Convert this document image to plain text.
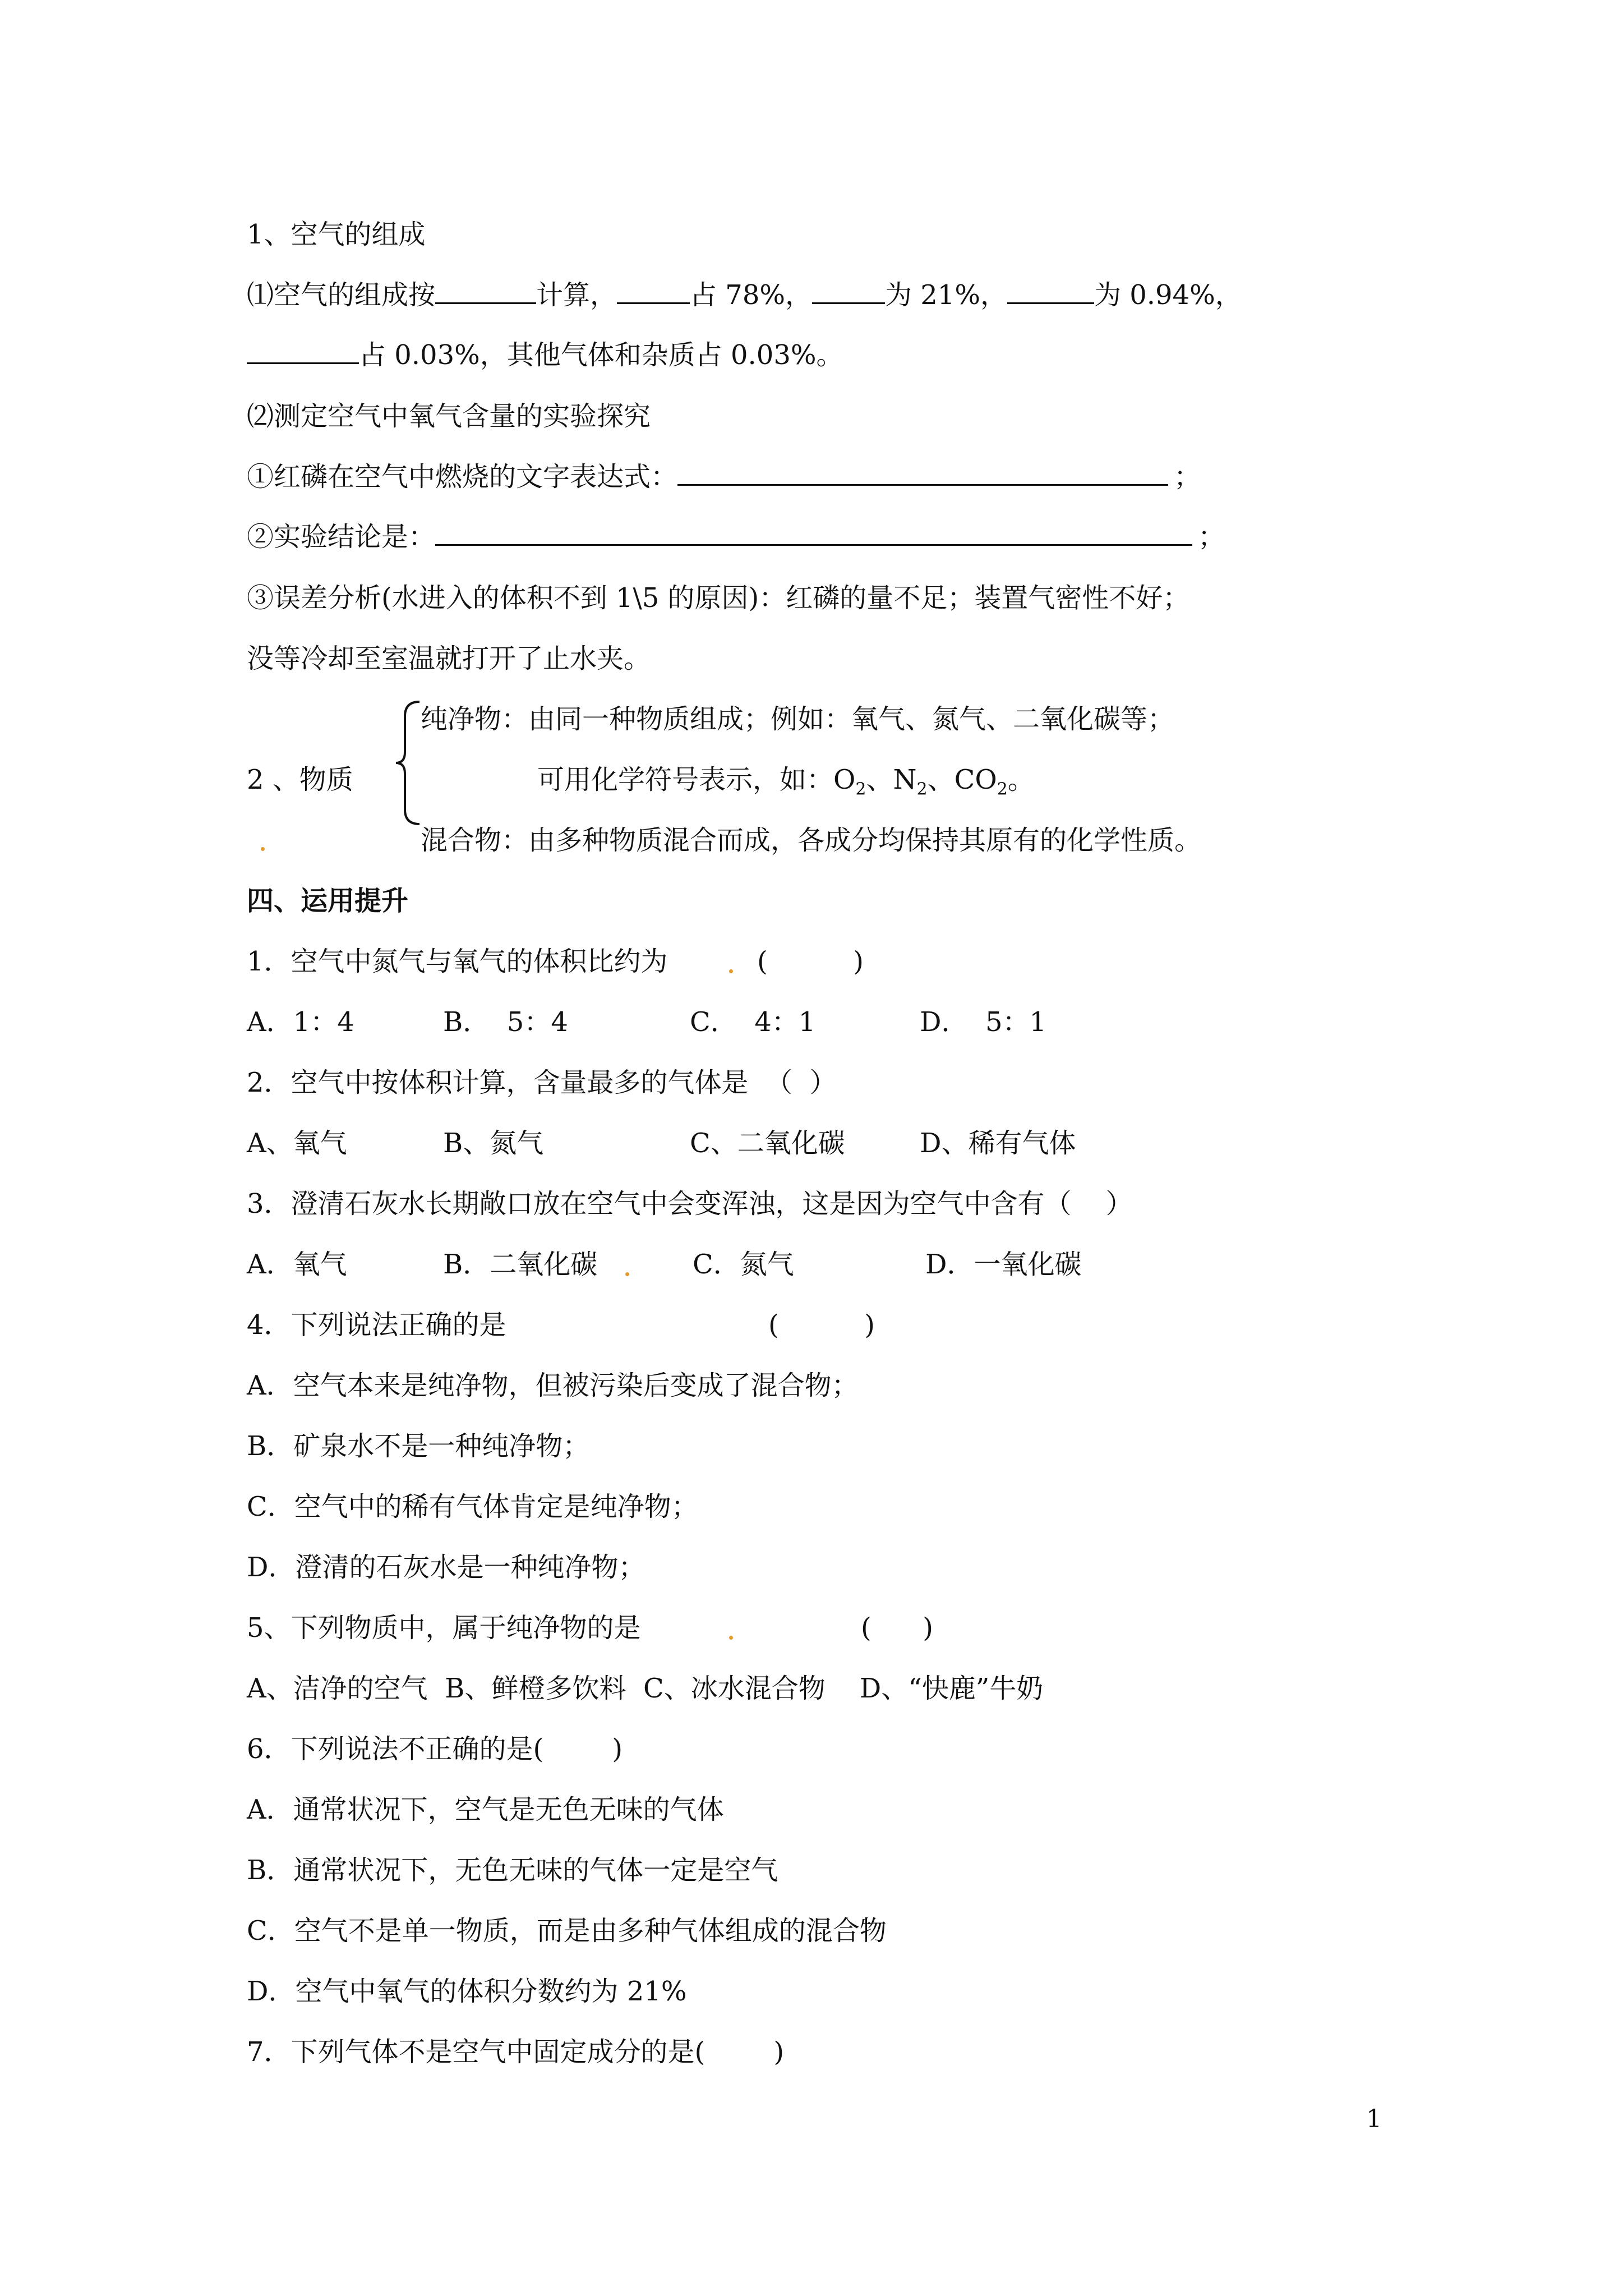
1、空气的组成
⑴空气的组成按	计算，	占 78%，	为 21%，	为 0.94%，
占 0.03%，其他气体和杂质占 0.03%。
⑵测定空气中氧气含量的实验探究
①红磷在空气中燃烧的文字表达式：	；
②实验结论是：	；
③误差分析(水进入的体积不到 1\5 的原因)：红磷的量不足；装置气密性不好；
没等冷却至室温就打开了止水夹。
纯净物：由同一种物质组成；例如：氧气、氮气、二氧化碳等；
2 、物质	可用化学符号表示，如：$O_2$、$N_2$、$CO_2$。
混合物：由多种物质混合而成，各成分均保持其原有的化学性质。
四、运用提升
1．空气中氮气与氧气的体积比约为	(          )
A．1：4	B．  5：4	C．  4：1	D．  5：1
2．空气中按体积计算，含量最多的气体是  （  ）
A、氧气	B、氮气	C、二氧化碳	D、稀有气体
3．澄清石灰水长期敞口放在空气中会变浑浊，这是因为空气中含有（    ）
A．氧气	B．二氧化碳	C．氮气	D．一氧化碳
4．下列说法正确的是	(          )
A．空气本来是纯净物，但被污染后变成了混合物；
B．矿泉水不是一种纯净物；
C．空气中的稀有气体肯定是纯净物；
D．澄清的石灰水是一种纯净物；
5、下列物质中，属于纯净物的是	(      )
A、洁净的空气  B、鲜橙多饮料  C、冰水混合物    D、“快鹿”牛奶
6．下列说法不正确的是(        )
A．通常状况下，空气是无色无味的气体
B．通常状况下，无色无味的气体一定是空气
C．空气不是单一物质，而是由多种气体组成的混合物
D．空气中氧气的体积分数约为 21%
7．下列气体不是空气中固定成分的是(        )
1
